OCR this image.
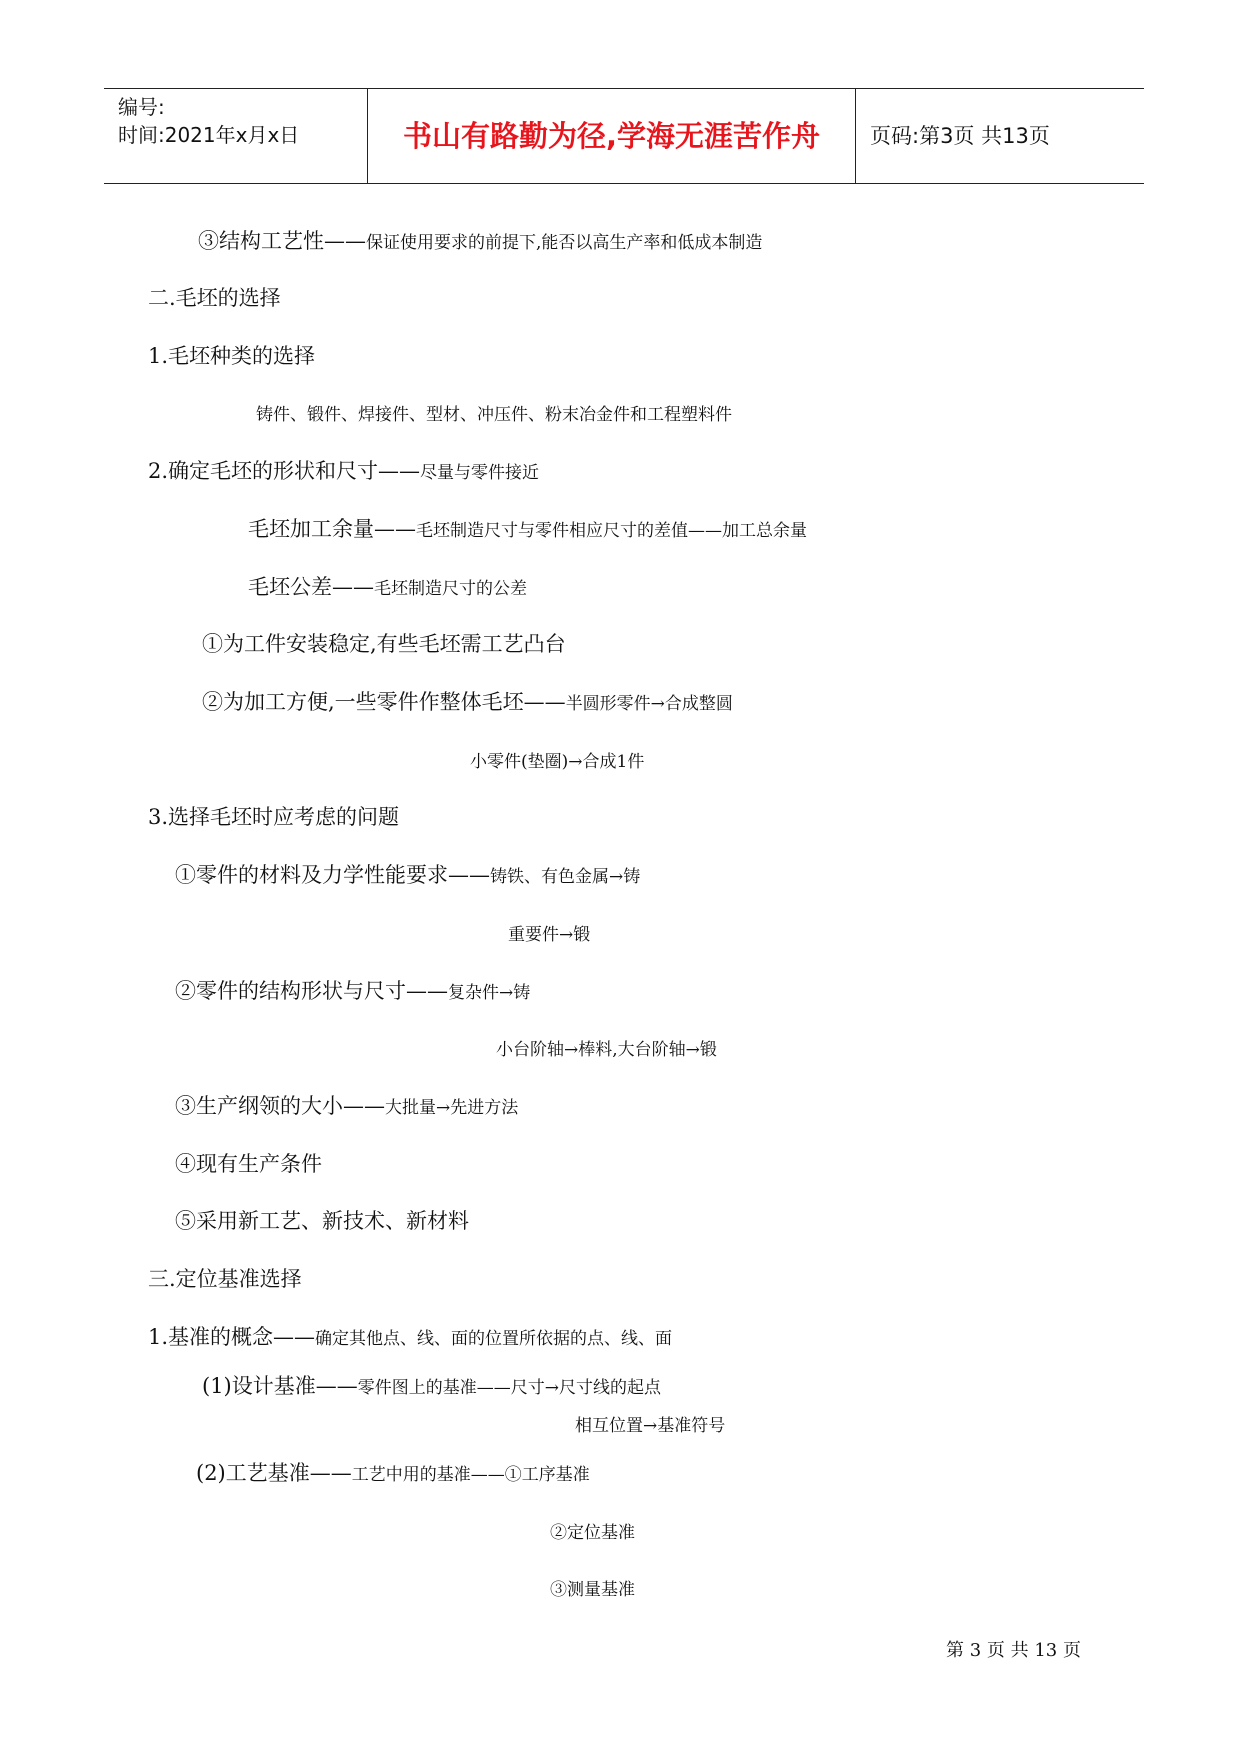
编号:
时间:2021年x月x日	书山有路勤为径,学海无涯苦作舟	页码:第3页 共13页
③结构工艺性——保证使用要求的前提下,能否以高生产率和低成本制造
二.毛坯的选择
1.毛坯种类的选择
铸件、锻件、焊接件、型材、冲压件、粉末冶金件和工程塑料件
2.确定毛坯的形状和尺寸——尽量与零件接近
毛坯加工余量——毛坯制造尺寸与零件相应尺寸的差值——加工总余量
毛坯公差——毛坯制造尺寸的公差
①为工件安装稳定,有些毛坯需工艺凸台
②为加工方便,一些零件作整体毛坯——半圆形零件→合成整圆
小零件(垫圈)→合成1件
3.选择毛坯时应考虑的问题
①零件的材料及力学性能要求——铸铁、有色金属→铸
重要件→锻
②零件的结构形状与尺寸——复杂件→铸
小台阶轴→棒料,大台阶轴→锻
③生产纲领的大小——大批量→先进方法
④现有生产条件
⑤采用新工艺、新技术、新材料
三.定位基准选择
1.基准的概念——确定其他点、线、面的位置所依据的点、线、面
(1)设计基准——零件图上的基准——尺寸→尺寸线的起点
相互位置→基准符号
(2)工艺基准——工艺中用的基准——①工序基准
②定位基准
③测量基准
第 3 页 共 13 页
